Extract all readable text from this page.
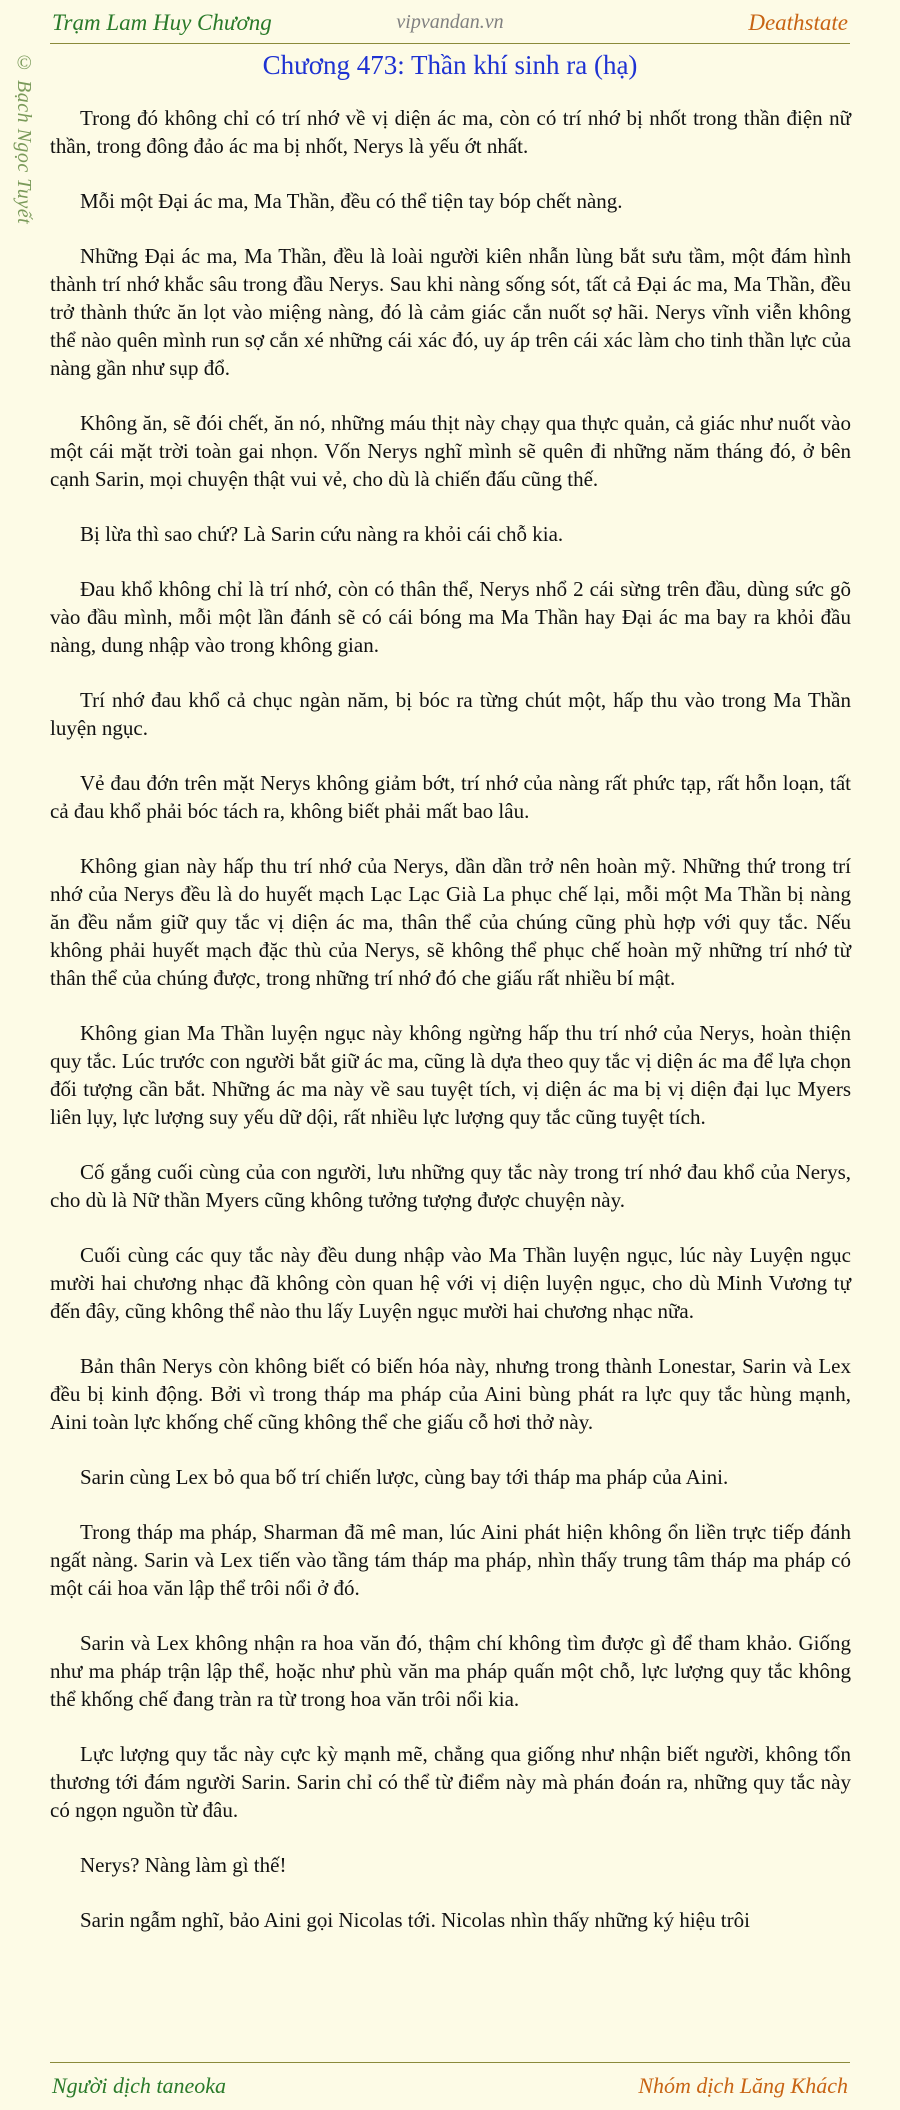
Trạm Lam Huy Chương	vipvandan.vn	Deathstate
© Bạch Ngọc Tuyết	Chương 473: Thần khí sinh ra (hạ)

Trong đó không chỉ có trí nhớ về vị diện ác ma, còn có trí nhớ bị nhốt trong thần điện nữ thần, trong đông đảo ác ma bị nhốt, Nerys là yếu ớt nhất.

Mỗi một Đại ác ma, Ma Thần, đều có thể tiện tay bóp chết nàng.

Những Đại ác ma, Ma Thần, đều là loài người kiên nhẫn lùng bắt sưu tầm, một đám hình thành trí nhớ khắc sâu trong đầu Nerys. Sau khi nàng sống sót, tất cả Đại ác ma, Ma Thần, đều trở thành thức ăn lọt vào miệng nàng, đó là cảm giác cắn nuốt sợ hãi. Nerys vĩnh viễn không thể nào quên mình run sợ cắn xé những cái xác đó, uy áp trên cái xác làm cho tinh thần lực của nàng gần như sụp đổ.

Không ăn, sẽ đói chết, ăn nó, những máu thịt này chạy qua thực quản, cả giác như nuốt vào một cái mặt trời toàn gai nhọn. Vốn Nerys nghĩ mình sẽ quên đi những năm tháng đó, ở bên cạnh Sarin, mọi chuyện thật vui vẻ, cho dù là chiến đấu cũng thế.

Bị lừa thì sao chứ? Là Sarin cứu nàng ra khỏi cái chỗ kia.

Đau khổ không chỉ là trí nhớ, còn có thân thể, Nerys nhổ 2 cái sừng trên đầu, dùng sức gõ vào đầu mình, mỗi một lần đánh sẽ có cái bóng ma Ma Thần hay Đại ác ma bay ra khỏi đầu nàng, dung nhập vào trong không gian.

Trí nhớ đau khổ cả chục ngàn năm, bị bóc ra từng chút một, hấp thu vào trong Ma Thần luyện ngục.

Vẻ đau đớn trên mặt Nerys không giảm bớt, trí nhớ của nàng rất phức tạp, rất hỗn loạn, tất cả đau khổ phải bóc tách ra, không biết phải mất bao lâu.

Không gian này hấp thu trí nhớ của Nerys, dần dần trở nên hoàn mỹ. Những thứ trong trí nhớ của Nerys đều là do huyết mạch Lạc Lạc Già La phục chế lại, mỗi một Ma Thần bị nàng ăn đều nắm giữ quy tắc vị diện ác ma, thân thể của chúng cũng phù hợp với quy tắc. Nếu không phải huyết mạch đặc thù của Nerys, sẽ không thể phục chế hoàn mỹ những trí nhớ từ thân thể của chúng được, trong những trí nhớ đó che giấu rất nhiều bí mật.

Không gian Ma Thần luyện ngục này không ngừng hấp thu trí nhớ của Nerys, hoàn thiện quy tắc. Lúc trước con người bắt giữ ác ma, cũng là dựa theo quy tắc vị diện ác ma để lựa chọn đối tượng cần bắt. Những ác ma này về sau tuyệt tích, vị diện ác ma bị vị diện đại lục Myers liên lụy, lực lượng suy yếu dữ dội, rất nhiều lực lượng quy tắc cũng tuyệt tích.

Cố gắng cuối cùng của con người, lưu những quy tắc này trong trí nhớ đau khổ của Nerys, cho dù là Nữ thần Myers cũng không tưởng tượng được chuyện này.

Cuối cùng các quy tắc này đều dung nhập vào Ma Thần luyện ngục, lúc này Luyện ngục mười hai chương nhạc đã không còn quan hệ với vị diện luyện ngục, cho dù Minh Vương tự đến đây, cũng không thể nào thu lấy Luyện ngục mười hai chương nhạc nữa.

Bản thân Nerys còn không biết có biến hóa này, nhưng trong thành Lonestar, Sarin và Lex đều bị kinh động. Bởi vì trong tháp ma pháp của Aini bùng phát ra lực quy tắc hùng mạnh, Aini toàn lực khống chế cũng không thể che giấu cỗ hơi thở này.

Sarin cùng Lex bỏ qua bố trí chiến lược, cùng bay tới tháp ma pháp của Aini.

Trong tháp ma pháp, Sharman đã mê man, lúc Aini phát hiện không ổn liền trực tiếp đánh ngất nàng. Sarin và Lex tiến vào tầng tám tháp ma pháp, nhìn thấy trung tâm tháp ma pháp có một cái hoa văn lập thể trôi nổi ở đó.

Sarin và Lex không nhận ra hoa văn đó, thậm chí không tìm được gì để tham khảo. Giống như ma pháp trận lập thể, hoặc như phù văn ma pháp quấn một chỗ, lực lượng quy tắc không thể khống chế đang tràn ra từ trong hoa văn trôi nổi kia.

Lực lượng quy tắc này cực kỳ mạnh mẽ, chẳng qua giống như nhận biết người, không tổn thương tới đám người Sarin. Sarin chỉ có thể từ điểm này mà phán đoán ra, những quy tắc này có ngọn nguồn từ đâu.

Nerys? Nàng làm gì thế!

Sarin ngẫm nghĩ, bảo Aini gọi Nicolas tới. Nicolas nhìn thấy những ký hiệu trôi

Người dịch taneoka	Nhóm dịch Lăng Khách
